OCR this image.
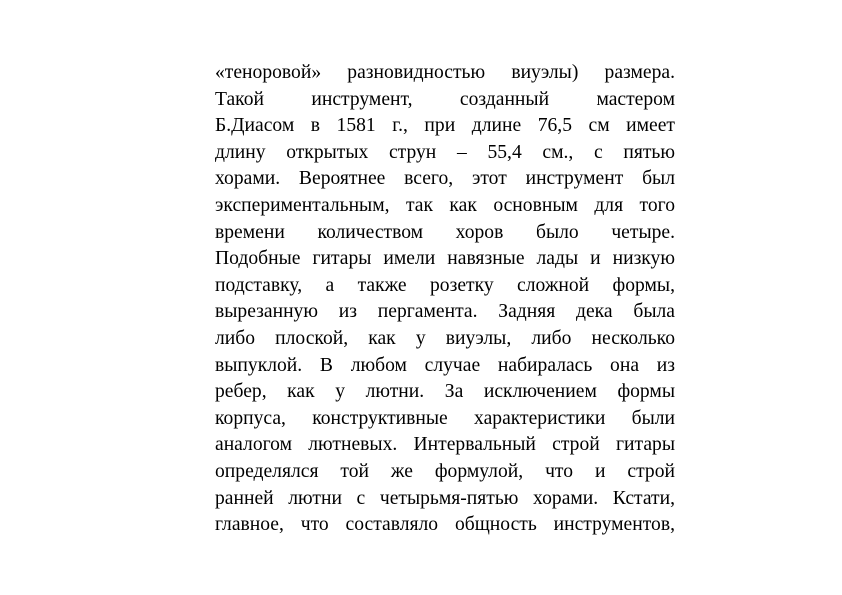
«теноровой» разновидностью виуэлы) размера.
Такой инструмент, созданный мастером
Б.Диасом в 1581 г., при длине 76,5 см имеет
длину открытых струн – 55,4 см., с пятью
хорами. Вероятнее всего, этот инструмент был
экспериментальным, так как основным для того
времени количеством хоров было четыре.
Подобные гитары имели навязные лады и низкую
подставку, а также розетку сложной формы,
вырезанную из пергамента. Задняя дека была
либо плоской, как у виуэлы, либо несколько
выпуклой. В любом случае набиралась она из
ребер, как у лютни. За исключением формы
корпуса, конструктивные характеристики были
аналогом лютневых. Интервальный строй гитары
определялся той же формулой, что и строй
ранней лютни с четырьмя-пятью хорами. Кстати,
главное, что составляло общность инструментов,
